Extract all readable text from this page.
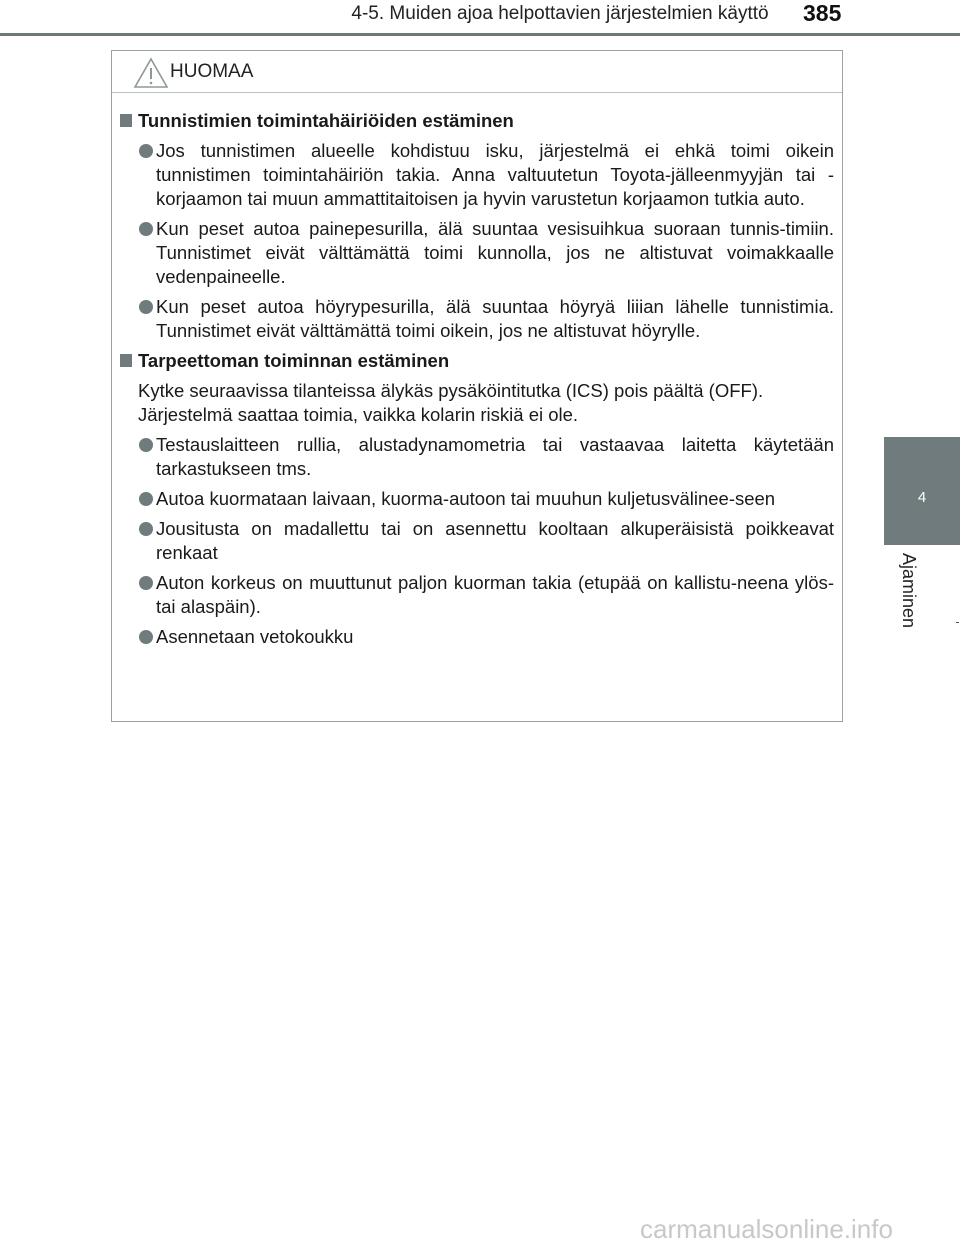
4-5. Muiden ajoa helpottavien järjestelmien käyttö 385
4
Ajaminen
HUOMAA
Tunnistimien toimintahäiriöiden estäminen
Jos tunnistimen alueelle kohdistuu isku, järjestelmä ei ehkä toimi oikein tunnistimen toimintahäiriön takia. Anna valtuutetun Toyota-jälleenmyyjän tai -korjaamon tai muun ammattitaitoisen ja hyvin varustetun korjaamon tutkia auto.
Kun peset autoa painepesurilla, älä suuntaa vesisuihkua suoraan tunnis-timiin. Tunnistimet eivät välttämättä toimi kunnolla, jos ne altistuvat voimakkaalle vedenpaineelle.
Kun peset autoa höyrypesurilla, älä suuntaa höyryä liiian lähelle tunnistimia. Tunnistimet eivät välttämättä toimi oikein, jos ne altistuvat höyrylle.
Tarpeettoman toiminnan estäminen
Kytke seuraavissa tilanteissa älykäs pysäköintitutka (ICS) pois päältä (OFF). Järjestelmä saattaa toimia, vaikka kolarin riskiä ei ole.
Testauslaitteen rullia, alustadynamometria tai vastaavaa laitetta käytetään tarkastukseen tms.
Autoa kuormataan laivaan, kuorma-autoon tai muuhun kuljetusvälinee-seen
Jousitusta on madallettu tai on asennettu kooltaan alkuperäisistä poikkeavat renkaat
Auton korkeus on muuttunut paljon kuorman takia (etupää on kallistu-neena ylös- tai alaspäin).
Asennetaan vetokoukku
carmanualsonline.info
